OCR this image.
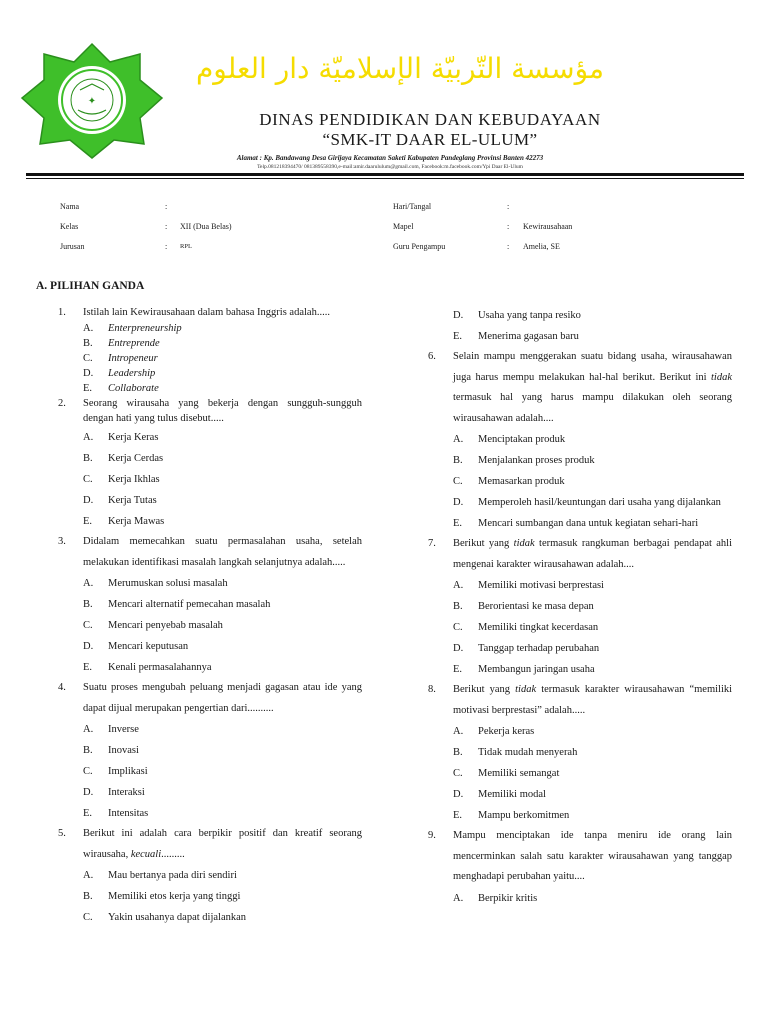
✦
مؤسسة التّربيّة الإسلاميّة دار العلوم
DINAS PENDIDIKAN DAN KEBUDAYAAN
“SMK-IT DAAR EL-ULUM”
Alamat : Kp. Bandawang Desa Girijaya Kecamatan Saketi Kabupaten Pandeglang Provinsi Banten 42273
Telp.081218394470/ 081389558390,e-mail:amir.daarululum@gmail.com, Facebook:m.facebook.com/Ypi Daar El-Ulum
Nama	:
Kelas	: XII (Dua Belas)
Jurusan	: RPL
Hari/Tangal	:
Mapel	: Kewirausahaan
Guru Pengampu	: Amelia, SE
A. PILIHAN GANDA
1. Istilah lain Kewirausahaan dalam bahasa Inggris adalah.....
A. Enterpreneurship
B. Entreprende
C. Intropeneur
D. Leadership
E. Collaborate
2. Seorang wirausaha yang bekerja dengan sungguh-sungguh dengan hati yang tulus disebut.....
A. Kerja Keras
B. Kerja Cerdas
C. Kerja Ikhlas
D. Kerja Tutas
E. Kerja Mawas
3. Didalam memecahkan suatu permasalahan usaha, setelah melakukan identifikasi masalah langkah selanjutnya adalah.....
A. Merumuskan solusi masalah
B. Mencari alternatif pemecahan masalah
C. Mencari penyebab masalah
D. Mencari keputusan
E. Kenali permasalahannya
4. Suatu proses mengubah peluang menjadi gagasan atau ide yang dapat dijual merupakan pengertian dari..........
A. Inverse
B. Inovasi
C. Implikasi
D. Interaksi
E. Intensitas
5. Berikut ini adalah cara berpikir positif dan kreatif seorang wirausaha, kecuali.........
A. Mau bertanya pada diri sendiri
B. Memiliki etos kerja yang tinggi
C. Yakin usahanya dapat dijalankan
D. Usaha yang tanpa resiko
E. Menerima gagasan baru
6. Selain mampu menggerakan suatu bidang usaha, wirausahawan juga harus mempu melakukan hal-hal berikut. Berikut ini tidak termasuk hal yang harus mampu dilakukan oleh seorang wirausahawan adalah....
A. Menciptakan produk
B. Menjalankan proses produk
C. Memasarkan produk
D. Memperoleh hasil/keuntungan dari usaha yang dijalankan
E. Mencari sumbangan dana untuk kegiatan sehari-hari
7. Berikut yang tidak termasuk rangkuman berbagai pendapat ahli mengenai karakter wirausahawan adalah....
A. Memiliki motivasi berprestasi
B. Berorientasi ke masa depan
C. Memiliki tingkat kecerdasan
D. Tanggap terhadap perubahan
E. Membangun jaringan usaha
8. Berikut yang tidak termasuk karakter wirausahawan “memiliki motivasi berprestasi” adalah.....
A. Pekerja keras
B. Tidak mudah menyerah
C. Memiliki semangat
D. Memiliki modal
E. Mampu berkomitmen
9. Mampu menciptakan ide tanpa meniru ide orang lain mencerminkan salah satu karakter wirausahawan yang tanggap menghadapi perubahan yaitu....
A. Berpikir kritis
